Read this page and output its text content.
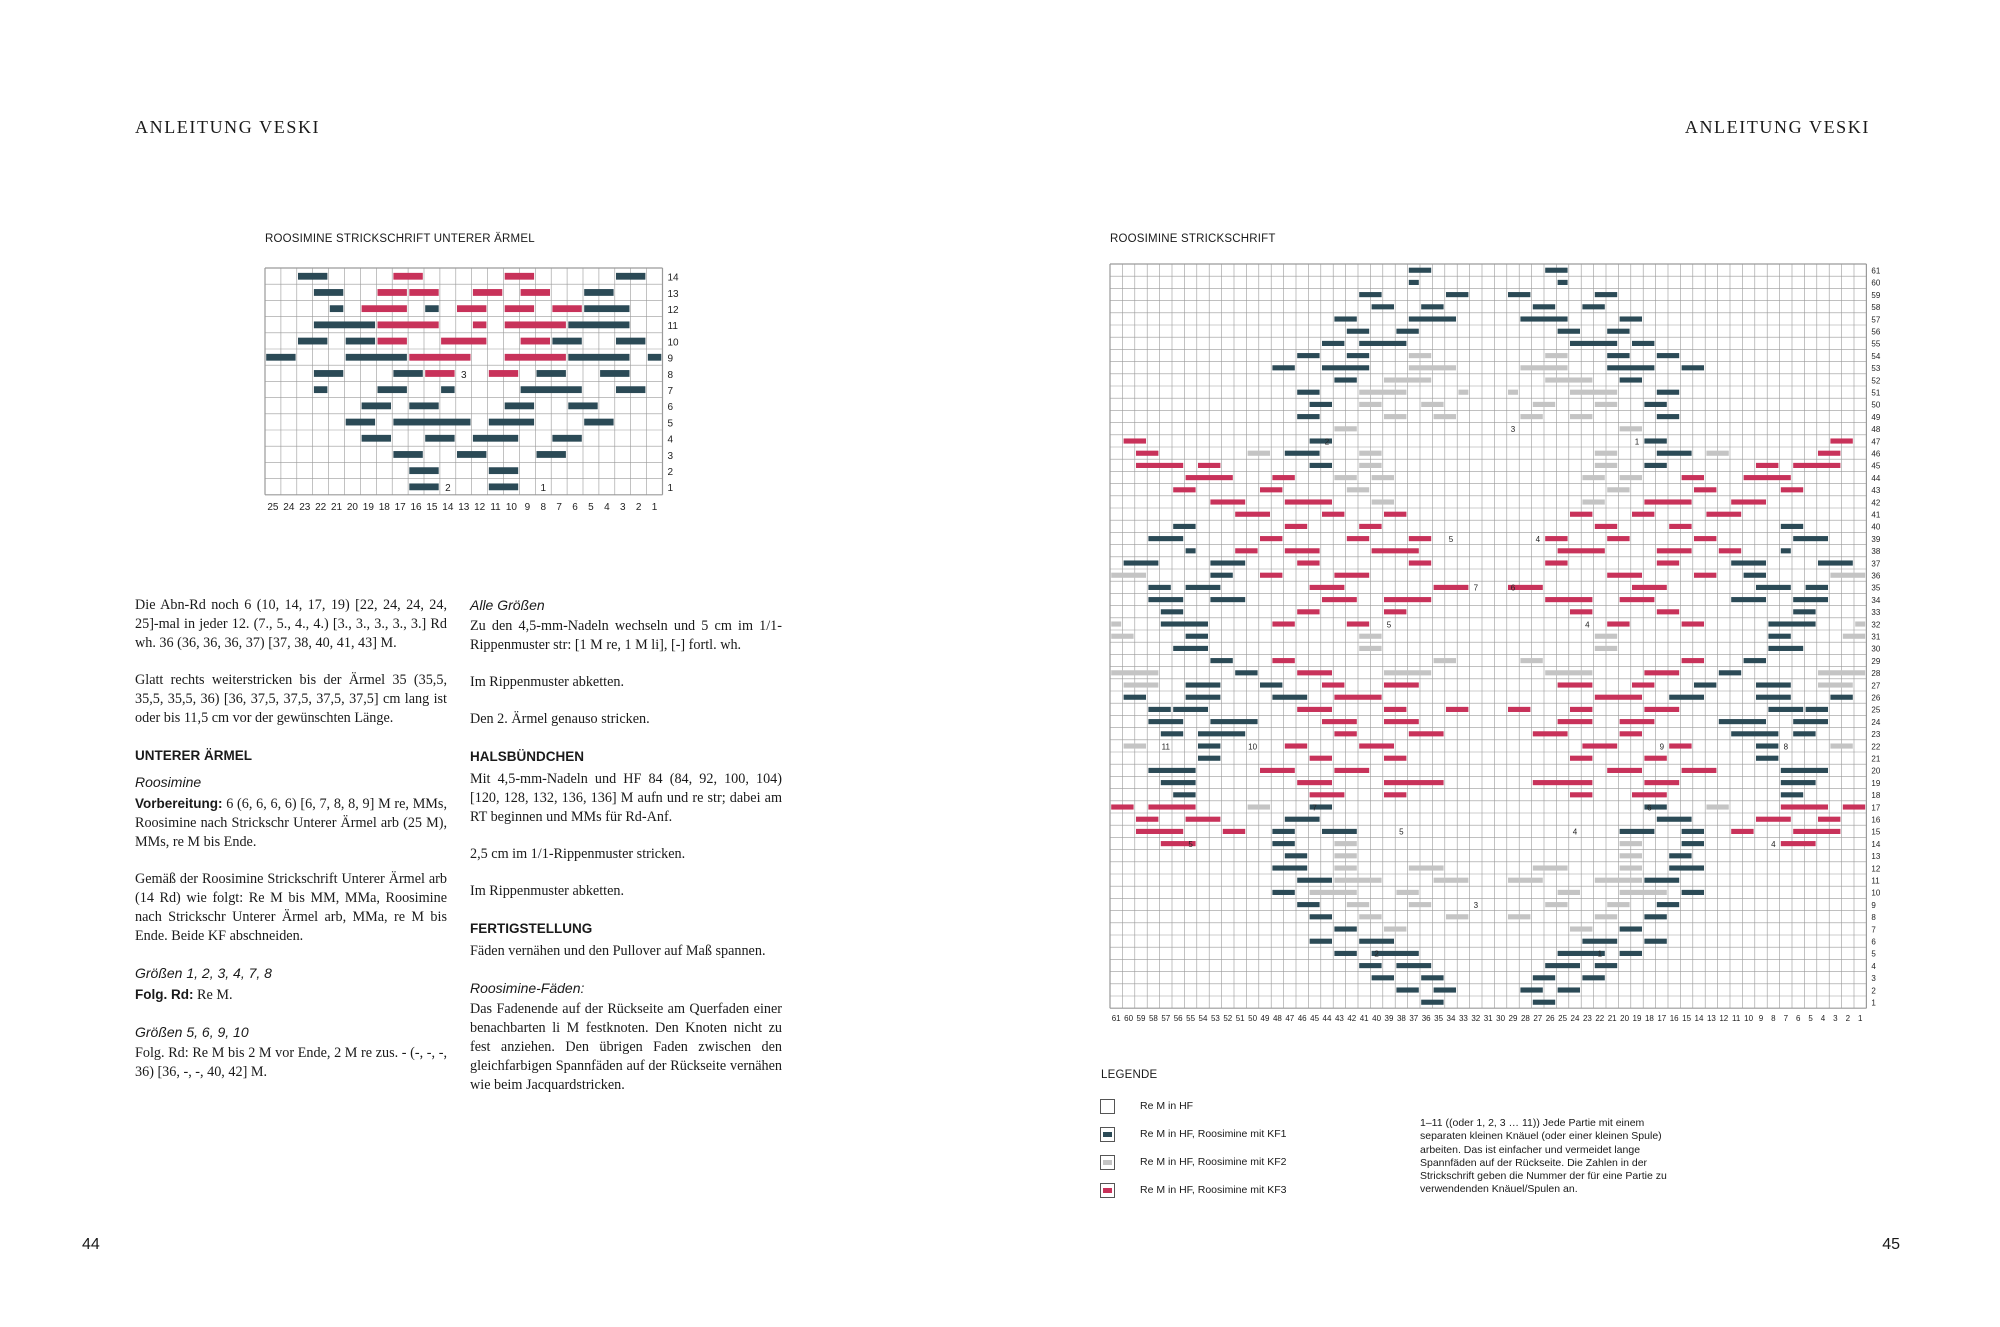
ANLEITUNG VESKI
ROOSIMINE STRICKSCHRIFT UNTERER ÄRMEL
2	1
3
25 24 23 22 21 20 19 18 17 16 15 14 13 12 11 10 9 8 7 6 5 4 3 2 1
14
13
12
11
10
9
8
7
6
5
4
3
2
1

Die Abn-Rd noch 6 (10, 14, 17, 19) [22, 24, 24, 24, 25]-mal in jeder 12. (7., 5., 4., 4.) [3., 3., 3., 3., 3.] Rd wh. 36 (36, 36, 36, 37) [37, 38, 40, 41, 43] M.

Glatt rechts weiterstricken bis der Ärmel 35 (35,5, 35,5, 35,5, 36) [36, 37,5, 37,5, 37,5, 37,5] cm lang ist oder bis 11,5 cm vor der gewünschten Länge.

UNTERER ÄRMEL
Roosimine

Vorbereitung: 6 (6, 6, 6, 6) [6, 7, 8, 8, 9] M re, MMs, Roosimine nach Strickschr Unterer Ärmel arb (25 M), MMs, re M bis Ende.

Gemäß der Roosimine Strickschrift Unterer Ärmel arb (14 Rd) wie folgt: Re M bis MM, MMa, Roosimine nach Strickschr Unterer Ärmel arb, MMa, re M bis Ende. Beide KF abschneiden.

Größen 1, 2, 3, 4, 7, 8

Folg. Rd: Re M.

Größen 5, 6, 9, 10

Folg. Rd: Re M bis 2 M vor Ende, 2 M re zus. - (-, -, -, 36) [36, -, -, 40, 42] M.

Alle Größen

Zu den 4,5-mm-Nadeln wechseln und 5 cm im 1/1-Rippenmuster str: [1 M re, 1 M li], [-] fortl. wh.

Im Rippenmuster abketten.

Den 2. Ärmel genauso stricken.

HALSBÜNDCHEN

Mit 4,5-mm-Nadeln und HF 84 (84, 92, 100, 104) [120, 128, 132, 136, 136] M aufn und re str; dabei am RT beginnen und MMs für Rd-Anf.

2,5 cm im 1/1-Rippenmuster stricken.

Im Rippenmuster abketten.

FERTIGSTELLUNG

Fäden vernähen und den Pullover auf Maß spannen.

Roosimine-Fäden:

Das Fadenende auf der Rückseite am Querfaden einer benachbarten li M festknoten. Den Knoten nicht zu fest anziehen. Den übrigen Faden zwischen den gleichfarbigen Spannfäden auf der Rückseite vernähen wie beim Jacquardstricken.

44
ANLEITUNG VESKI
ROOSIMINE STRICKSCHRIFT
2	1
3
5	4
7	6
5	4
11	10	9	8
7	6
5	4
5	4
3
2	1
61 60 59 58 57 56 55 54 53 52 51 50 49 48 47 46 45 44 43 42 41 40 39 38 37 36 35 34 33 32 31 30 29 28 27 26 25 24 23 22 21 20 19 18 17 16 15 14 13 12 11 10 9 8 7 6 5 4 3 2 1
61
60
59
58
57
56
55
54
53
52
51
50
49
48
47
46
45
44
43
42
41
40
39
38
37
36
35
34
33
32
31
30
29
28
27
26
25
24
23
22
21
20
19
18
17
16
15
14
13
12
11
10
9
8
7
6
5
4
3
2
1
LEGENDE
Re M in HF
Re M in HF, Roosimine mit KF1
Re M in HF, Roosimine mit KF2
Re M in HF, Roosimine mit KF3
1–11 ((oder 1, 2, 3 … 11)) Jede Partie mit einem separaten kleinen Knäuel (oder einer kleinen Spule) arbeiten. Das ist einfacher und vermeidet lange Spannfäden auf der Rückseite. Die Zahlen in der Strickschrift geben die Nummer der für eine Partie zu verwendenden Knäuel/Spulen an.
45
